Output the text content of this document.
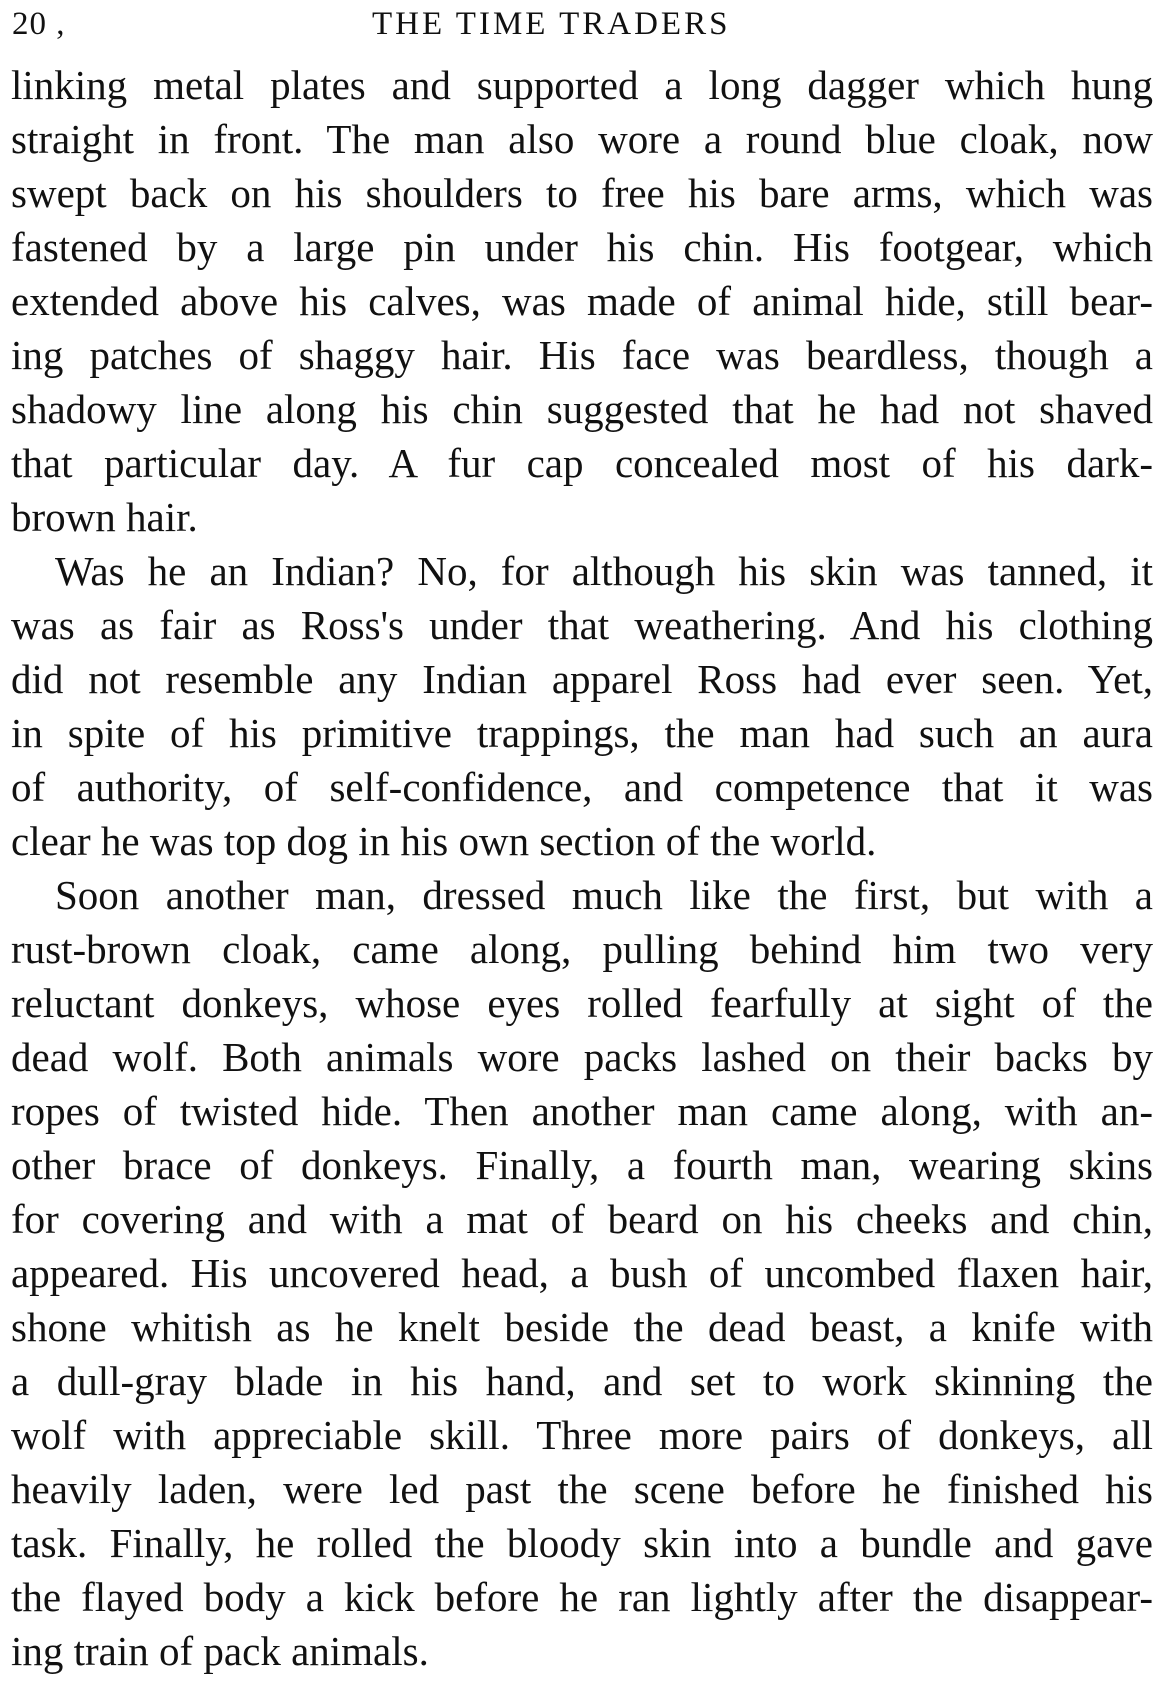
20 ,	THE TIME TRADERS
linking metal plates and supported a long dagger which hung
straight in front. The man also wore a round blue cloak, now
swept back on his shoulders to free his bare arms, which was
fastened by a large pin under his chin. His footgear, which
extended above his calves, was made of animal hide, still bear-
ing patches of shaggy hair. His face was beardless, though a
shadowy line along his chin suggested that he had not shaved
that particular day. A fur cap concealed most of his dark-
brown hair.
Was he an Indian? No, for although his skin was tanned, it
was as fair as Ross's under that weathering. And his clothing
did not resemble any Indian apparel Ross had ever seen. Yet,
in spite of his primitive trappings, the man had such an aura
of authority, of self-confidence, and competence that it was
clear he was top dog in his own section of the world.
Soon another man, dressed much like the first, but with a
rust-brown cloak, came along, pulling behind him two very
reluctant donkeys, whose eyes rolled fearfully at sight of the
dead wolf. Both animals wore packs lashed on their backs by
ropes of twisted hide. Then another man came along, with an-
other brace of donkeys. Finally, a fourth man, wearing skins
for covering and with a mat of beard on his cheeks and chin,
appeared. His uncovered head, a bush of uncombed flaxen hair,
shone whitish as he knelt beside the dead beast, a knife with
a dull-gray blade in his hand, and set to work skinning the
wolf with appreciable skill. Three more pairs of donkeys, all
heavily laden, were led past the scene before he finished his
task. Finally, he rolled the bloody skin into a bundle and gave
the flayed body a kick before he ran lightly after the disappear-
ing train of pack animals.
